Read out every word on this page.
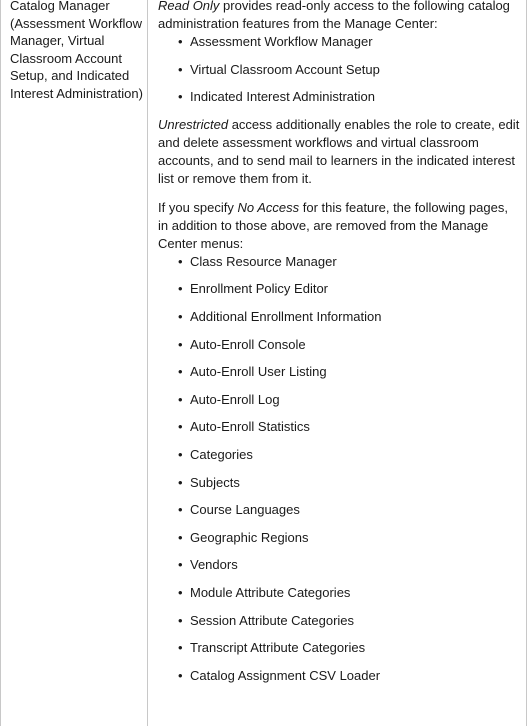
Catalog Manager (Assessment Workflow Manager, Virtual Classroom Account Setup, and Indicated Interest Administration)

Read Only provides read-only access to the following catalog administration features from the Manage Center:

• Assessment Workflow Manager
• Virtual Classroom Account Setup
• Indicated Interest Administration

Unrestricted access additionally enables the role to create, edit and delete assessment workflows and virtual classroom accounts, and to send mail to learners in the indicated interest list or remove them from it.

If you specify No Access for this feature, the following pages, in addition to those above, are removed from the Manage Center menus:

• Class Resource Manager
• Enrollment Policy Editor
• Additional Enrollment Information
• Auto-Enroll Console
• Auto-Enroll User Listing
• Auto-Enroll Log
• Auto-Enroll Statistics
• Categories
• Subjects
• Course Languages
• Geographic Regions
• Vendors
• Module Attribute Categories
• Session Attribute Categories
• Transcript Attribute Categories
• Catalog Assignment CSV Loader
